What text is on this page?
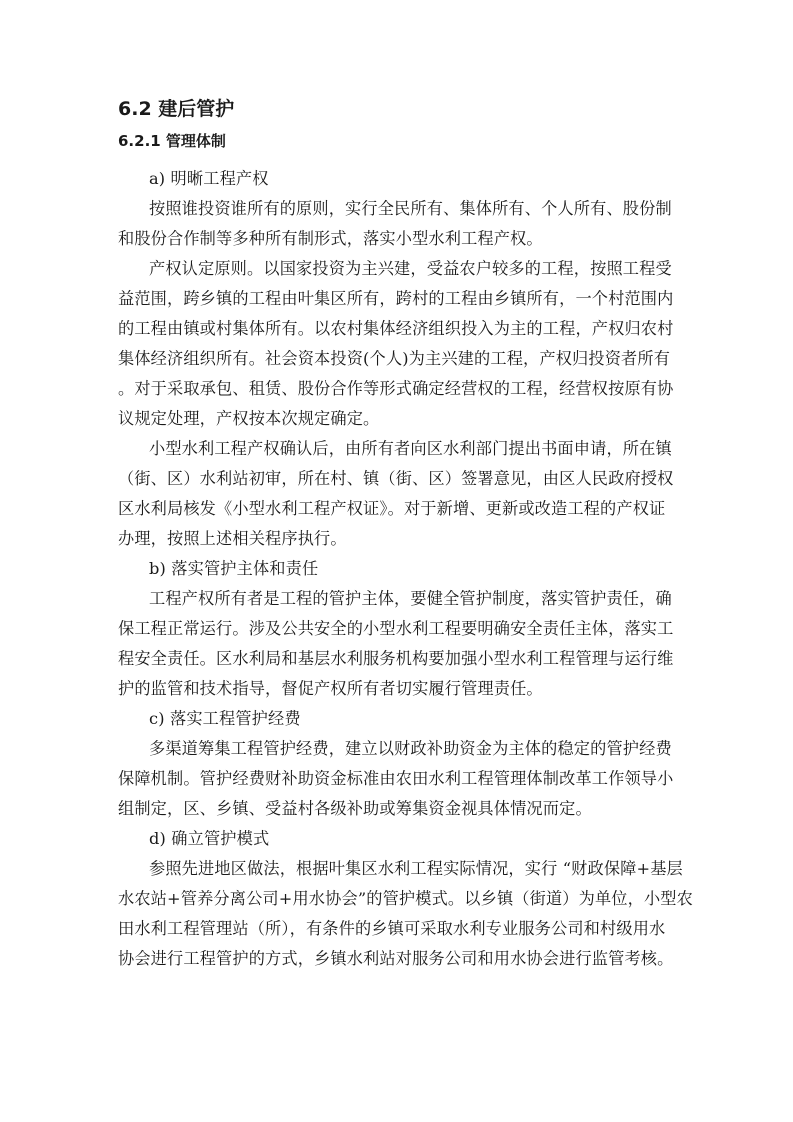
6.2 建后管护
6.2.1 管理体制

a) 明晰工程产权

按照谁投资谁所有的原则，实行全民所有、集体所有、个人所有、股份制
和股份合作制等多种所有制形式，落实小型水利工程产权。
产权认定原则。以国家投资为主兴建，受益农户较多的工程，按照工程受
益范围，跨乡镇的工程由叶集区所有，跨村的工程由乡镇所有，一个村范围内
的工程由镇或村集体所有。以农村集体经济组织投入为主的工程，产权归农村
集体经济组织所有。社会资本投资(个人)为主兴建的工程，产权归投资者所有
。对于采取承包、租赁、股份合作等形式确定经营权的工程，经营权按原有协
议规定处理，产权按本次规定确定。
小型水利工程产权确认后，由所有者向区水利部门提出书面申请，所在镇
（街、区）水利站初审，所在村、镇（街、区）签署意见，由区人民政府授权
区水利局核发《小型水利工程产权证》。对于新增、更新或改造工程的产权证
办理，按照上述相关程序执行。

b) 落实管护主体和责任

工程产权所有者是工程的管护主体，要健全管护制度，落实管护责任，确
保工程正常运行。涉及公共安全的小型水利工程要明确安全责任主体，落实工
程安全责任。区水利局和基层水利服务机构要加强小型水利工程管理与运行维
护的监管和技术指导，督促产权所有者切实履行管理责任。

c) 落实工程管护经费

多渠道筹集工程管护经费，建立以财政补助资金为主体的稳定的管护经费
保障机制。管护经费财补助资金标准由农田水利工程管理体制改革工作领导小
组制定，区、乡镇、受益村各级补助或筹集资金视具体情况而定。

d) 确立管护模式

参照先进地区做法，根据叶集区水利工程实际情况，实行 “财政保障+基层
水农站+管养分离公司+用水协会”的管护模式。以乡镇（街道）为单位，小型农
田水利工程管理站（所），有条件的乡镇可采取水利专业服务公司和村级用水
协会进行工程管护的方式，乡镇水利站对服务公司和用水协会进行监管考核。
